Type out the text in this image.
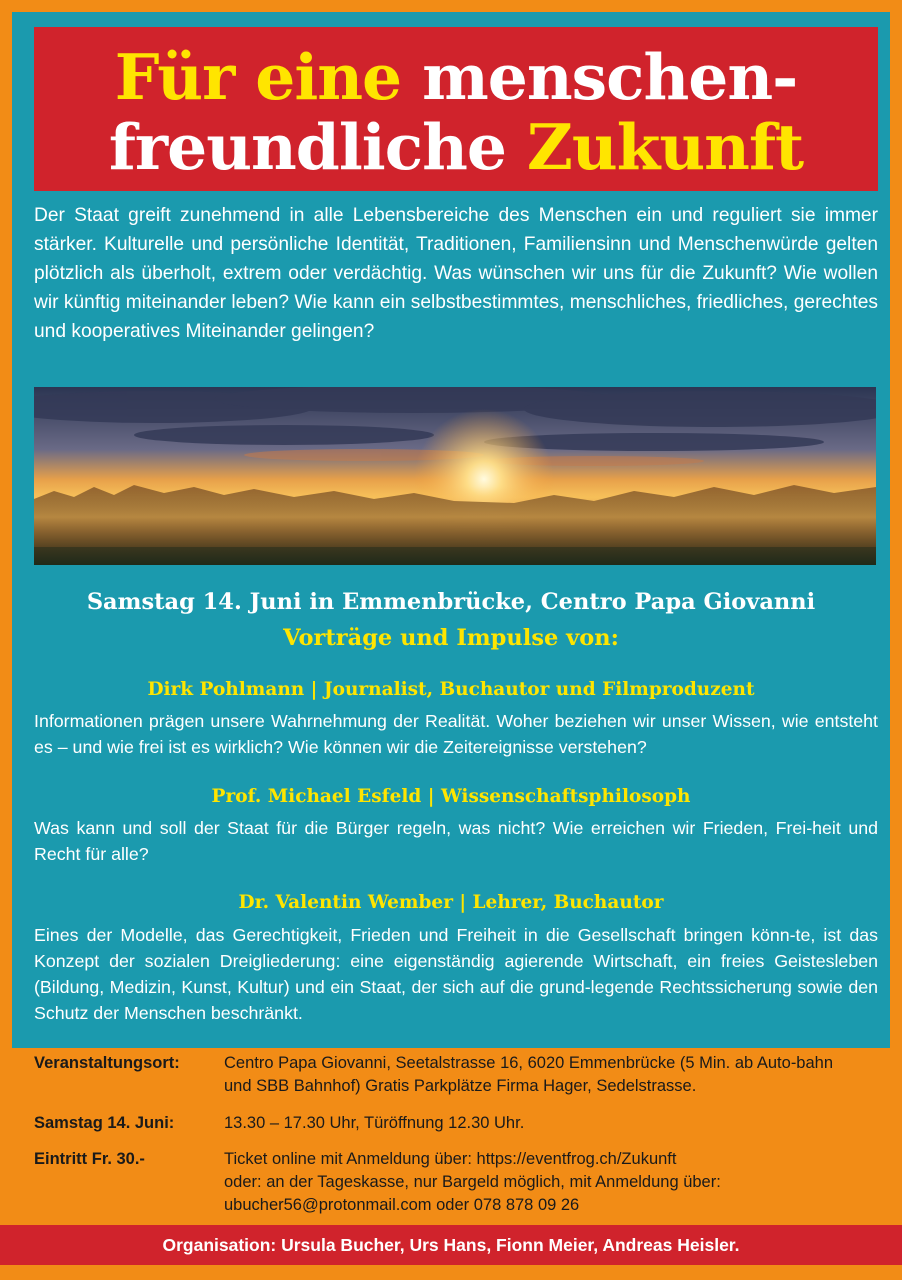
Für eine menschen-
freundliche Zukunft
Der Staat greift zunehmend in alle Lebensbereiche des Menschen ein und reguliert sie immer stärker. Kulturelle und persönliche Identität, Traditionen, Familiensinn und Menschenwürde gelten plötzlich als überholt, extrem oder verdächtig. Was wünschen wir uns für die Zukunft? Wie wollen wir künftig miteinander leben? Wie kann ein selbstbestimmtes, menschliches, friedliches, gerechtes und kooperatives Miteinander gelingen?
Samstag 14. Juni in Emmenbrücke, Centro Papa Giovanni
Vorträge und Impulse von:
Dirk Pohlmann | Journalist, Buchautor und Filmproduzent
Informationen prägen unsere Wahrnehmung der Realität. Woher beziehen wir unser Wissen, wie entsteht es – und wie frei ist es wirklich? Wie können wir die Zeitereignisse verstehen?
Prof. Michael Esfeld | Wissenschaftsphilosoph
Was kann und soll der Staat für die Bürger regeln, was nicht? Wie erreichen wir Frieden, Frei-heit und Recht für alle?
Dr. Valentin Wember | Lehrer, Buchautor
Eines der Modelle, das Gerechtigkeit, Frieden und Freiheit in die Gesellschaft bringen könn-te, ist das Konzept der sozialen Dreigliederung: eine eigenständig agierende Wirtschaft, ein freies Geistesleben (Bildung, Medizin, Kunst, Kultur) und ein Staat, der sich auf die grund-legende Rechtssicherung sowie den Schutz der Menschen beschränkt.
Veranstaltungsort:	Centro Papa Giovanni, Seetalstrasse 16, 6020 Emmenbrücke (5 Min. ab Auto-bahn und SBB Bahnhof) Gratis Parkplätze Firma Hager, Sedelstrasse.
Samstag 14. Juni:	13.30 – 17.30 Uhr, Türöffnung 12.30 Uhr.
Eintritt Fr. 30.-	Ticket online mit Anmeldung über: https://eventfrog.ch/Zukunft
oder: an der Tageskasse, nur Bargeld möglich, mit Anmeldung über:
ubucher56@protonmail.com oder 078 878 09 26
Organisation: Ursula Bucher, Urs Hans, Fionn Meier, Andreas Heisler.
